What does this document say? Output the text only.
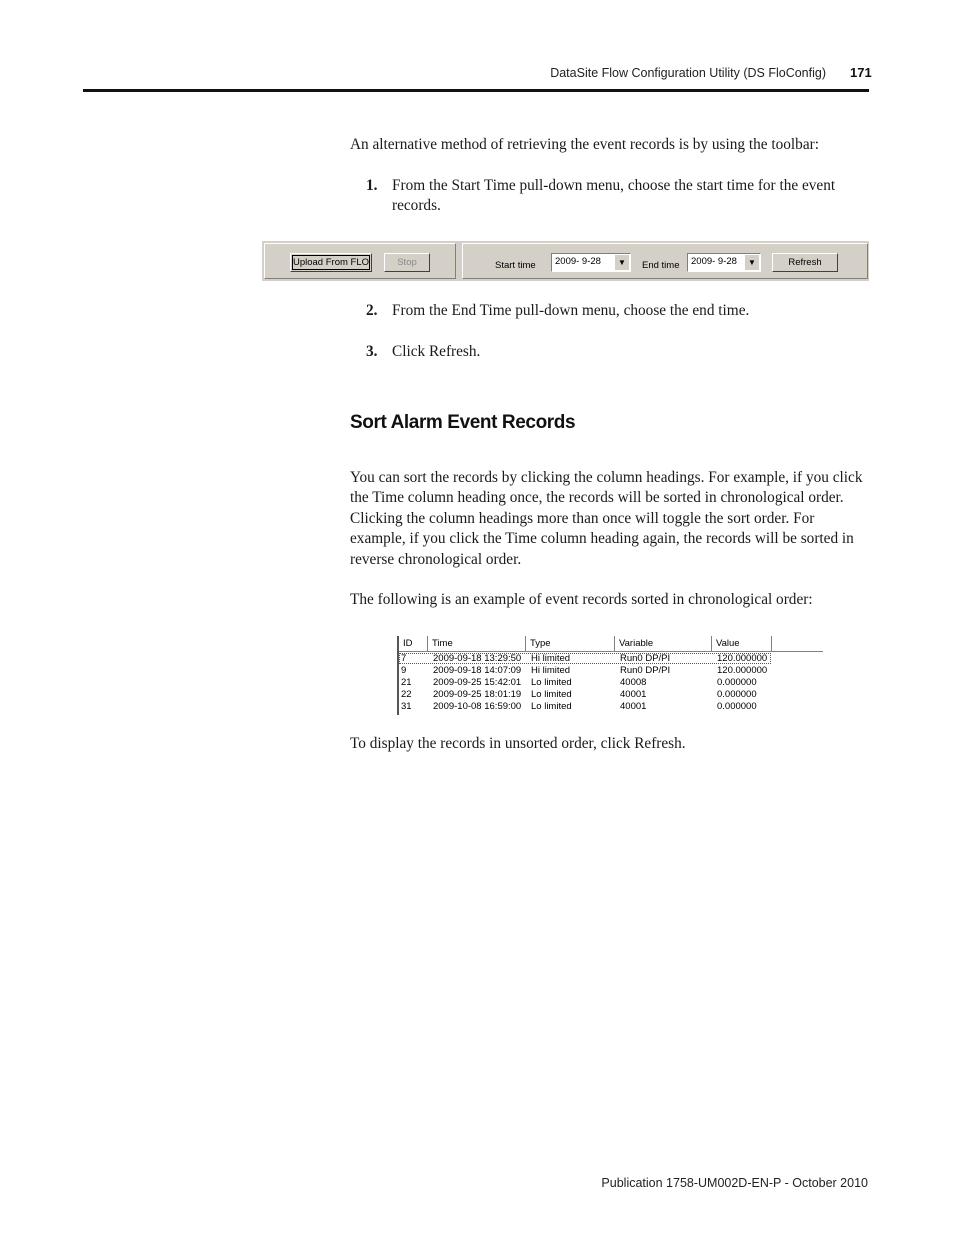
DataSite Flow Configuration Utility (DS FloConfig) 171

An alternative method of retrieving the event records is by using the toolbar:

1. From the Start Time pull-down menu, choose the start time for the event records.
Upload From FLO	Stop	Start time 2009- 9-28	▼	End time 2009- 9-28	▼	Refresh
2. From the End Time pull-down menu, choose the end time.
3. Click Refresh.
Sort Alarm Event Records

You can sort the records by clicking the column headings. For example, if you click the Time column heading once, the records will be sorted in chronological order. Clicking the column headings more than once will toggle the sort order. For example, if you click the Time column heading again, the records will be sorted in reverse chronological order.

The following is an example of event records sorted in chronological order:

ID	Time	Type	Variable	Value
7	2009-09-18 13:29:50 Hi limited	Run0 DP/PI	120.000000
9	2009-09-18 14:07:09 Hi limited	Run0 DP/PI	120.000000
21 2009-09-25 15:42:01 Lo limited	40008	0.000000
22 2009-09-25 18:01:19 Lo limited	40001	0.000000
31 2009-10-08 16:59:00 Lo limited	40001	0.000000

To display the records in unsorted order, click Refresh.

Publication 1758-UM002D-EN-P - October 2010
